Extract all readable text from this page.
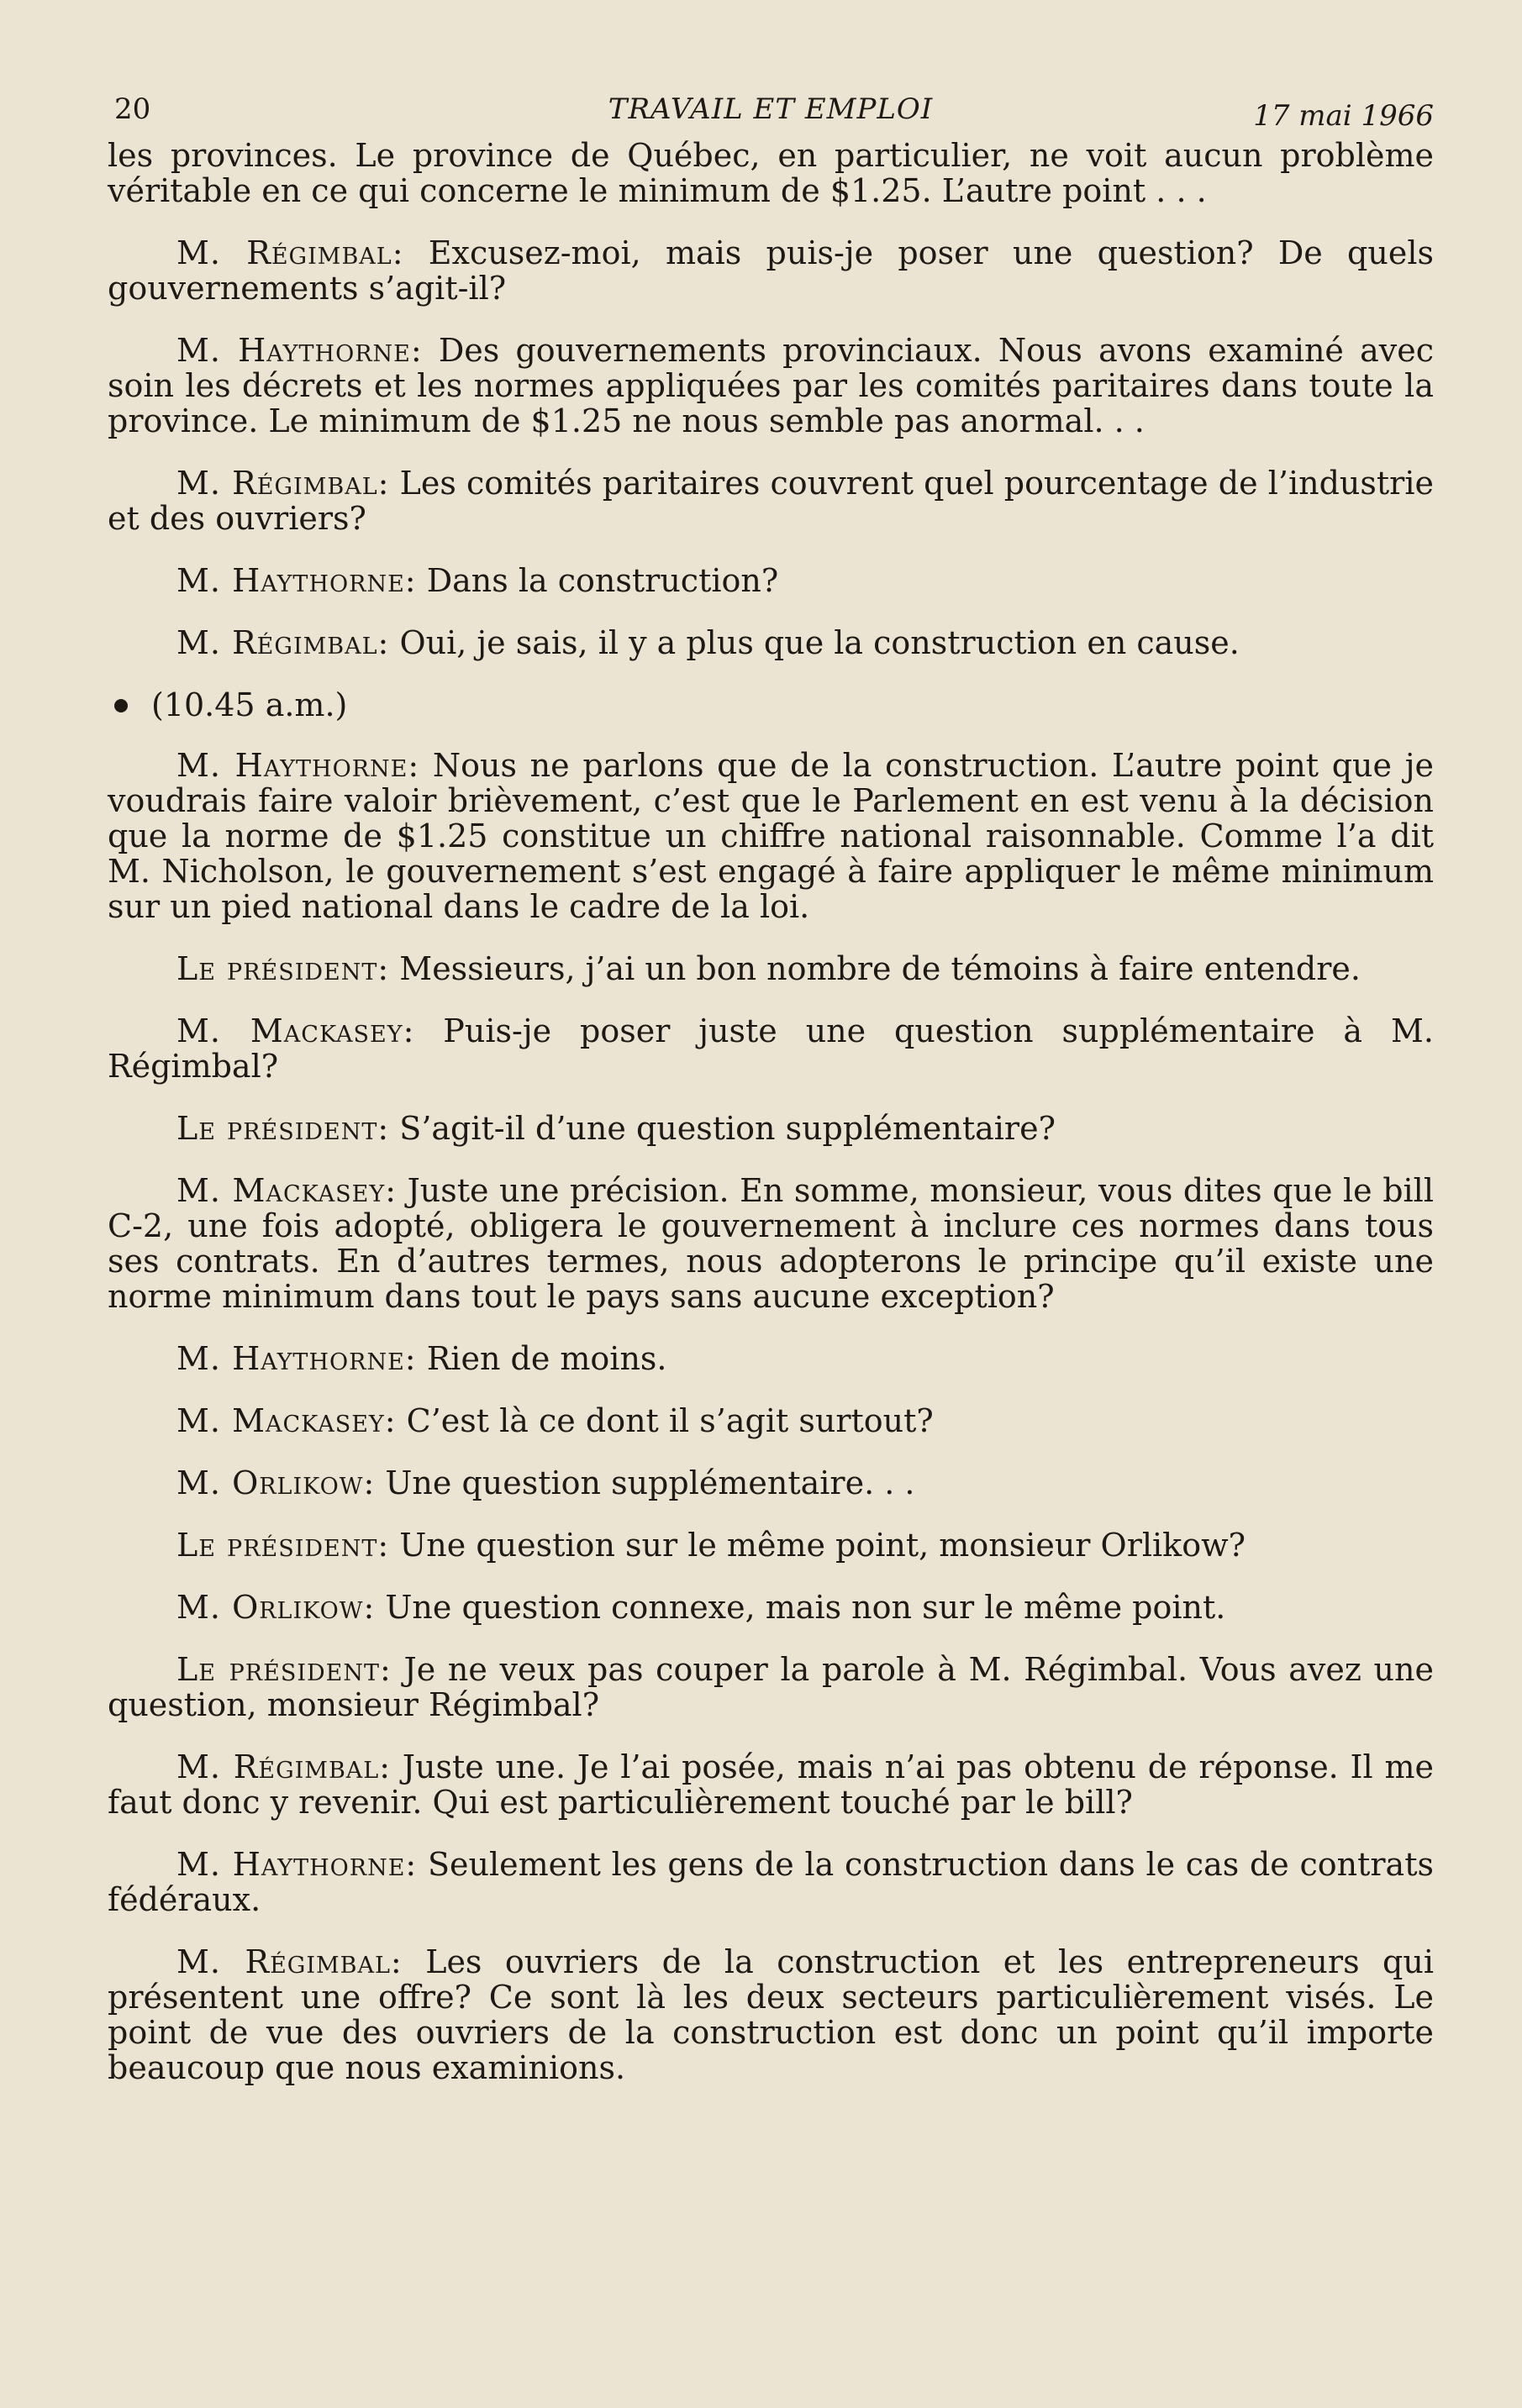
20	TRAVAIL ET EMPLOI	17 mai 1966

les provinces. Le province de Québec, en particulier, ne voit aucun problème véritable en ce qui concerne le minimum de $1.25. L’autre point . . .

M. Régimbal: Excusez-moi, mais puis-je poser une question? De quels gouvernements s’agit-il?

M. Haythorne: Des gouvernements provinciaux. Nous avons examiné avec soin les décrets et les normes appliquées par les comités paritaires dans toute la province. Le minimum de $1.25 ne nous semble pas anormal. . .

M. Régimbal: Les comités paritaires couvrent quel pourcentage de l’industrie et des ouvriers?

M. Haythorne: Dans la construction?

M. Régimbal: Oui, je sais, il y a plus que la construction en cause.

(10.45 a.m.)

M. Haythorne: Nous ne parlons que de la construction. L’autre point que je voudrais faire valoir brièvement, c’est que le Parlement en est venu à la décision que la norme de $1.25 constitue un chiffre national raisonnable. Comme l’a dit M. Nicholson, le gouvernement s’est engagé à faire appliquer le même minimum sur un pied national dans le cadre de la loi.

Le président: Messieurs, j’ai un bon nombre de témoins à faire entendre.

M. Mackasey: Puis-je poser juste une question supplémentaire à M. Régimbal?

Le président: S’agit-il d’une question supplémentaire?

M. Mackasey: Juste une précision. En somme, monsieur, vous dites que le bill C-2, une fois adopté, obligera le gouvernement à inclure ces normes dans tous ses contrats. En d’autres termes, nous adopterons le principe qu’il existe une norme minimum dans tout le pays sans aucune exception?

M. Haythorne: Rien de moins.

M. Mackasey: C’est là ce dont il s’agit surtout?

M. Orlikow: Une question supplémentaire. . .

Le président: Une question sur le même point, monsieur Orlikow?

M. Orlikow: Une question connexe, mais non sur le même point.

Le président: Je ne veux pas couper la parole à M. Régimbal. Vous avez une question, monsieur Régimbal?

M. Régimbal: Juste une. Je l’ai posée, mais n’ai pas obtenu de réponse. Il me faut donc y revenir. Qui est particulièrement touché par le bill?

M. Haythorne: Seulement les gens de la construction dans le cas de contrats fédéraux.

M. Régimbal: Les ouvriers de la construction et les entrepreneurs qui présentent une offre? Ce sont là les deux secteurs particulièrement visés. Le point de vue des ouvriers de la construction est donc un point qu’il importe beaucoup que nous examinions.
